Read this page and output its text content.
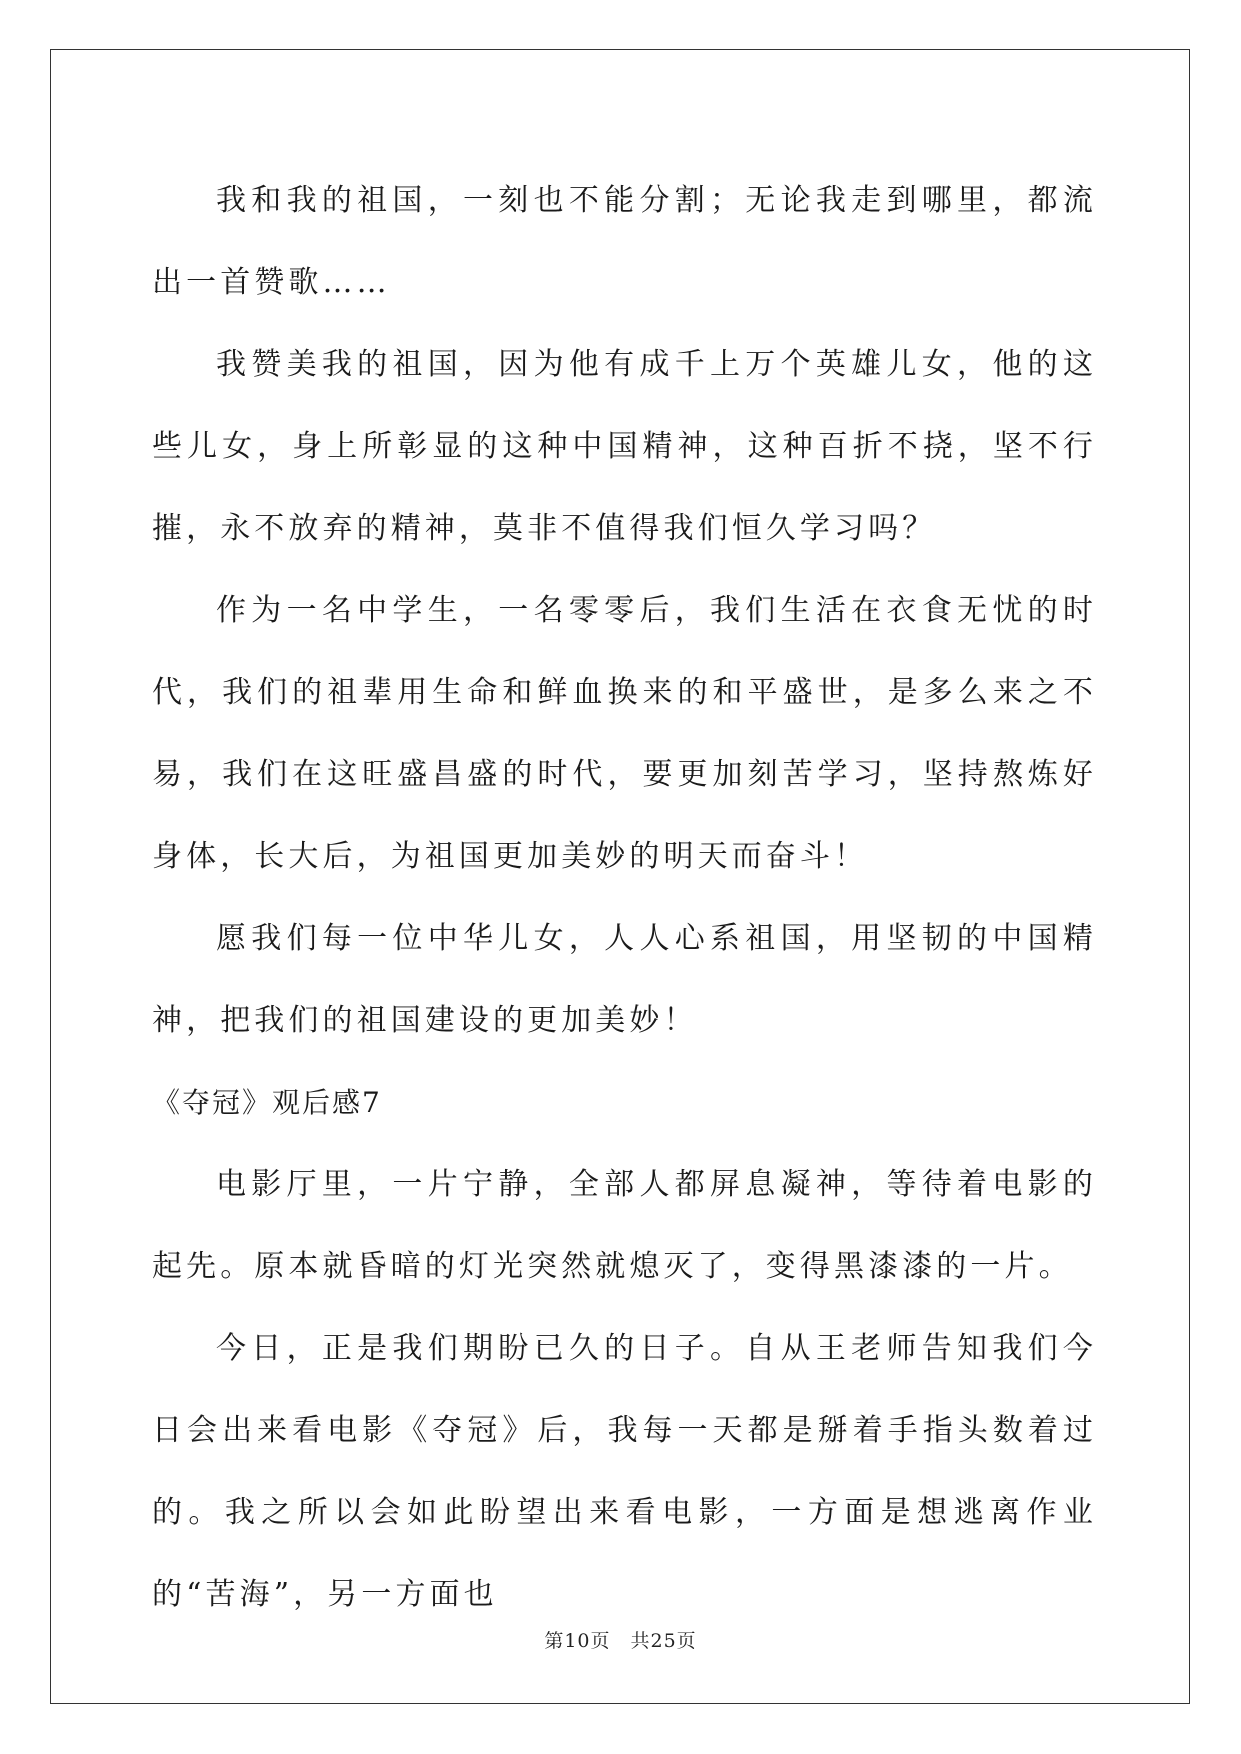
我和我的祖国，一刻也不能分割；无论我走到哪里，都流出一首赞歌……

我赞美我的祖国，因为他有成千上万个英雄儿女，他的这些儿女，身上所彰显的这种中国精神，这种百折不挠，坚不行摧，永不放弃的精神，莫非不值得我们恒久学习吗？

作为一名中学生，一名零零后，我们生活在衣食无忧的时代，我们的祖辈用生命和鲜血换来的和平盛世，是多么来之不易，我们在这旺盛昌盛的时代，要更加刻苦学习，坚持熬炼好身体，长大后，为祖国更加美妙的明天而奋斗！

愿我们每一位中华儿女，人人心系祖国，用坚韧的中国精神，把我们的祖国建设的更加美妙！

《夺冠》观后感7

电影厅里，一片宁静，全部人都屏息凝神，等待着电影的起先。原本就昏暗的灯光突然就熄灭了，变得黑漆漆的一片。

今日，正是我们期盼已久的日子。自从王老师告知我们今日会出来看电影《夺冠》后，我每一天都是掰着手指头数着过的。我之所以会如此盼望出来看电影，一方面是想逃离作业的“苦海”，另一方面也

第10页　共25页
